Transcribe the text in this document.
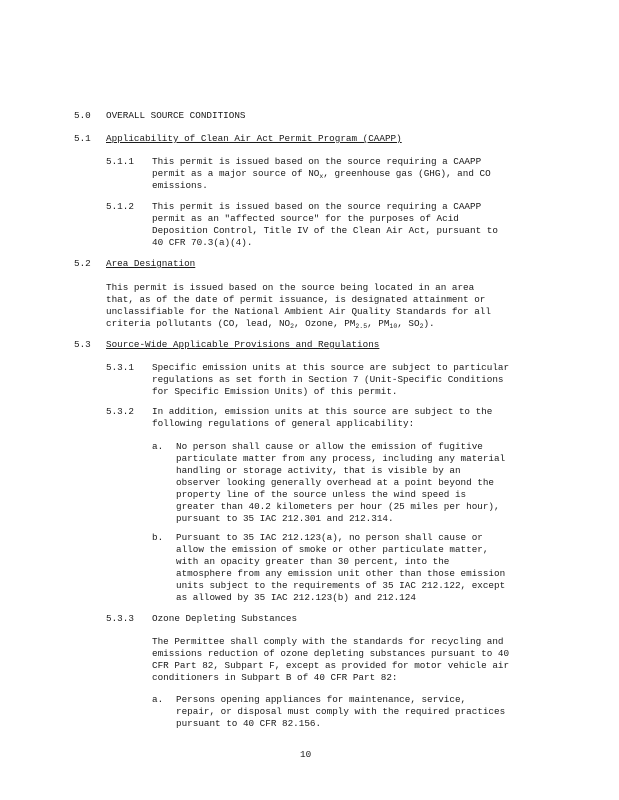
5.0 OVERALL SOURCE CONDITIONS
5.1 Applicability of Clean Air Act Permit Program (CAAPP)
5.1.1 This permit is issued based on the source requiring a CAAPP
permit as a major source of $NO_x$, greenhouse gas (GHG), and CO
emissions.
5.1.2 This permit is issued based on the source requiring a CAAPP
permit as an "affected source" for the purposes of Acid
Deposition Control, Title IV of the Clean Air Act, pursuant to
40 CFR 70.3(a)(4).
5.2 Area Designation
This permit is issued based on the source being located in an area
that, as of the date of permit issuance, is designated attainment or
unclassifiable for the National Ambient Air Quality Standards for all
criteria pollutants (CO, lead, $NO_2$, Ozone, $PM_{2.5}$, $PM_{10}$, $SO_2$).
5.3 Source-Wide Applicable Provisions and Regulations
5.3.1 Specific emission units at this source are subject to particular
regulations as set forth in Section 7 (Unit-Specific Conditions
for Specific Emission Units) of this permit.
5.3.2 In addition, emission units at this source are subject to the
following regulations of general applicability:
a. No person shall cause or allow the emission of fugitive
particulate matter from any process, including any material
handling or storage activity, that is visible by an
observer looking generally overhead at a point beyond the
property line of the source unless the wind speed is
greater than 40.2 kilometers per hour (25 miles per hour),
pursuant to 35 IAC 212.301 and 212.314.
b. Pursuant to 35 IAC 212.123(a), no person shall cause or
allow the emission of smoke or other particulate matter,
with an opacity greater than 30 percent, into the
atmosphere from any emission unit other than those emission
units subject to the requirements of 35 IAC 212.122, except
as allowed by 35 IAC 212.123(b) and 212.124
5.3.3 Ozone Depleting Substances
The Permittee shall comply with the standards for recycling and
emissions reduction of ozone depleting substances pursuant to 40
CFR Part 82, Subpart F, except as provided for motor vehicle air
conditioners in Subpart B of 40 CFR Part 82:
a. Persons opening appliances for maintenance, service,
repair, or disposal must comply with the required practices
pursuant to 40 CFR 82.156.
10
